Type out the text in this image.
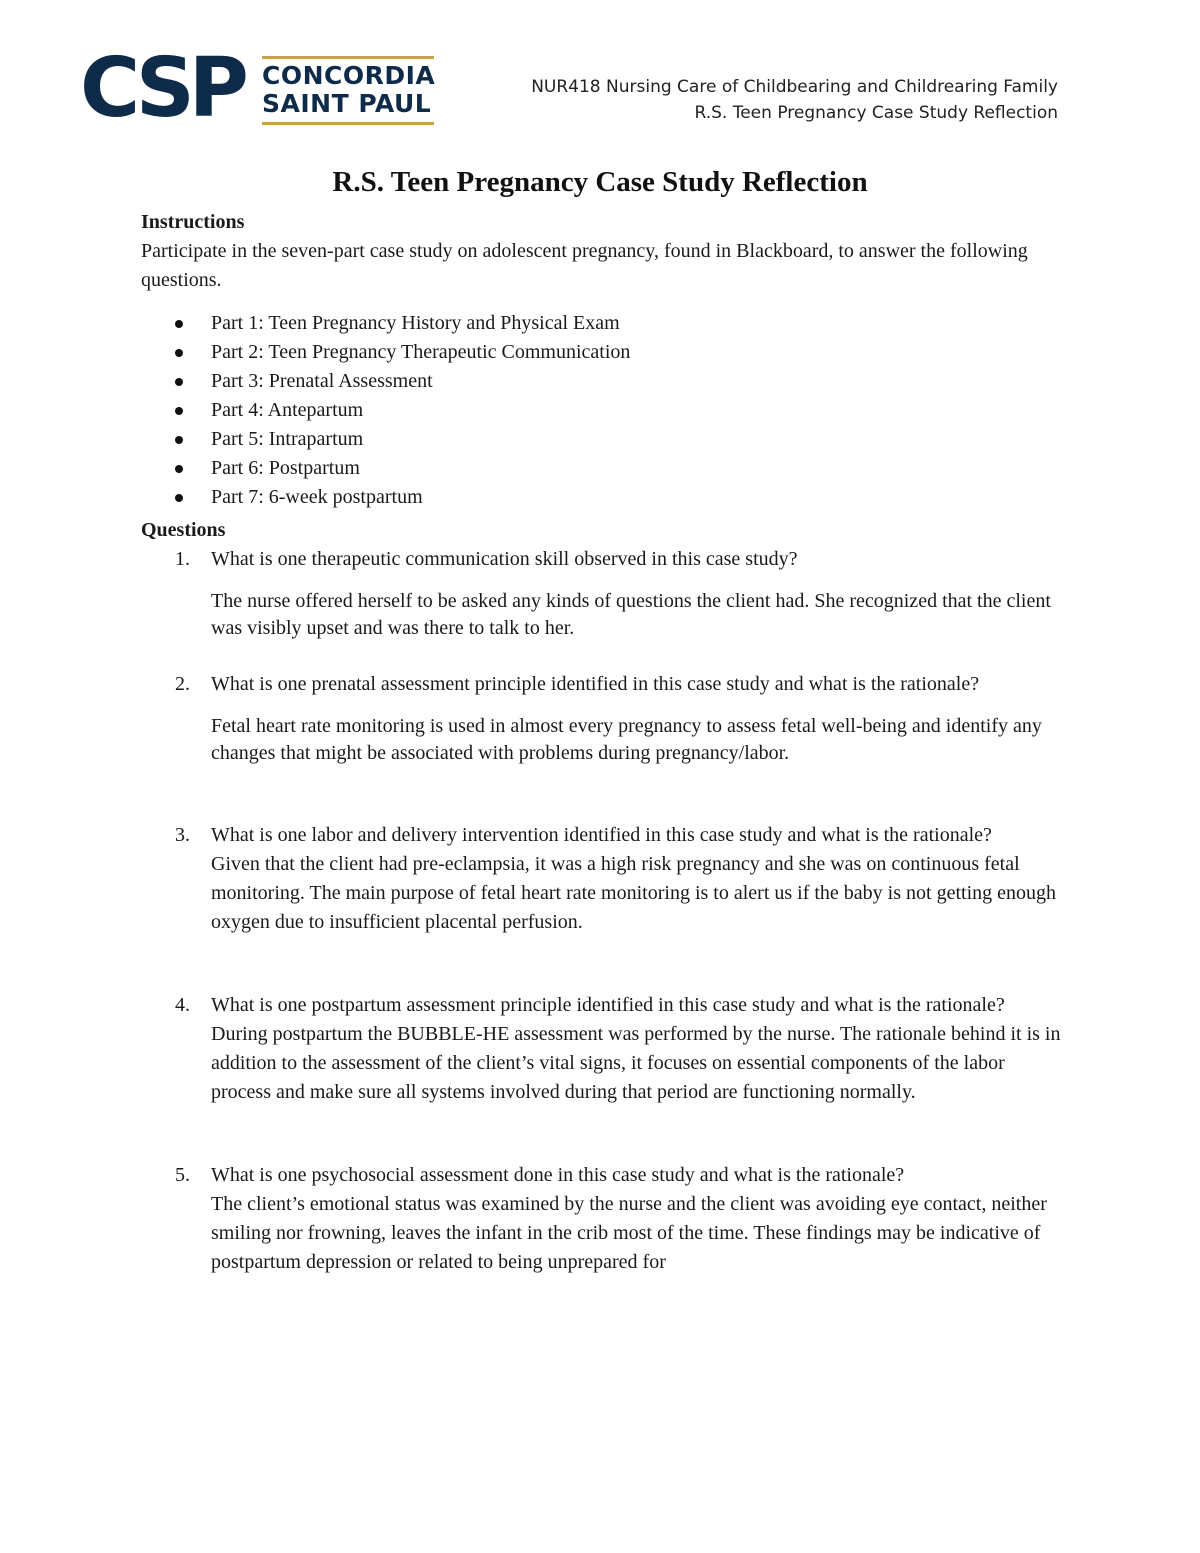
CSP CONCORDIA
SAINT PAUL
NUR418 Nursing Care of Childbearing and Childrearing Family
R.S. Teen Pregnancy Case Study Reflection
R.S. Teen Pregnancy Case Study Reflection
Instructions

Participate in the seven-part case study on adolescent pregnancy, found in Blackboard, to answer the following questions.

Part 1: Teen Pregnancy History and Physical Exam
Part 2: Teen Pregnancy Therapeutic Communication
Part 3: Prenatal Assessment
Part 4: Antepartum
Part 5: Intrapartum
Part 6: Postpartum
Part 7: 6-week postpartum
Questions
1. What is one therapeutic communication skill observed in this case study?

The nurse offered herself to be asked any kinds of questions the client had. She recognized that the client was visibly upset and was there to talk to her.

2. What is one prenatal assessment principle identified in this case study and what is the rationale?

Fetal heart rate monitoring is used in almost every pregnancy to assess fetal well-being and identify any changes that might be associated with problems during pregnancy/labor.

3. What is one labor and delivery intervention identified in this case study and what is the rationale?

Given that the client had pre-eclampsia, it was a high risk pregnancy and she was on continuous fetal monitoring. The main purpose of fetal heart rate monitoring is to alert us if the baby is not getting enough oxygen due to insufficient placental perfusion.

4. What is one postpartum assessment principle identified in this case study and what is the rationale?

During postpartum the BUBBLE-HE assessment was performed by the nurse. The rationale behind it is in addition to the assessment of the client’s vital signs, it focuses on essential components of the labor process and make sure all systems involved during that period are functioning normally.

5. What is one psychosocial assessment done in this case study and what is the rationale?

The client’s emotional status was examined by the nurse and the client was avoiding eye contact, neither smiling nor frowning, leaves the infant in the crib most of the time. These findings may be indicative of postpartum depression or related to being unprepared for
